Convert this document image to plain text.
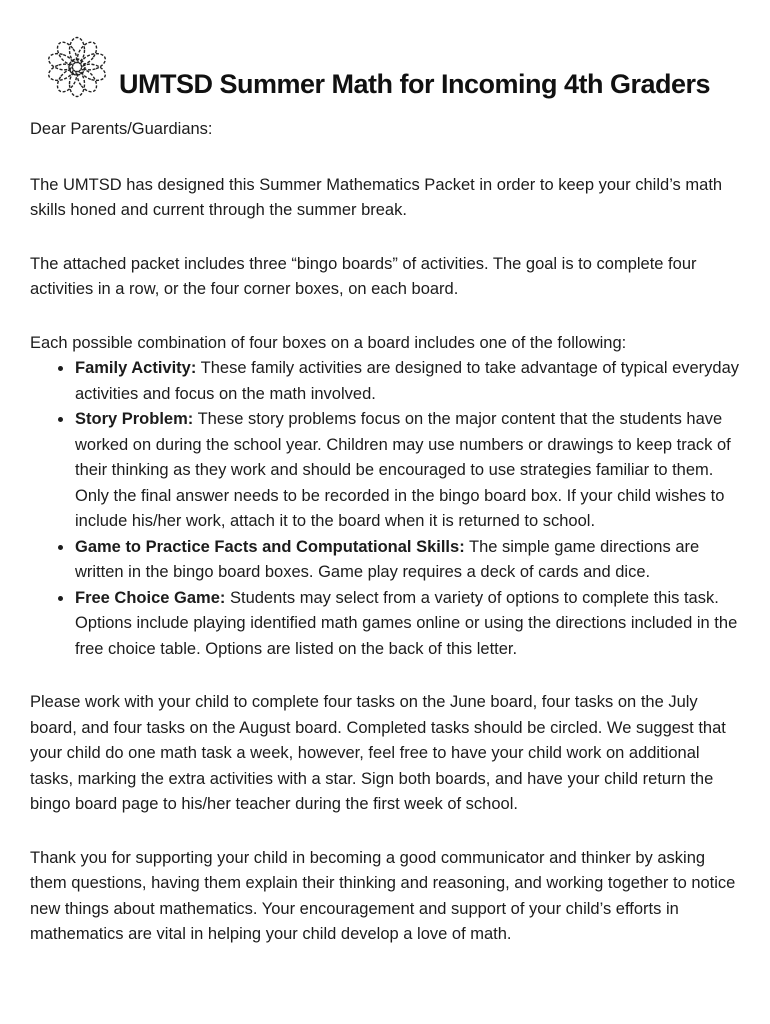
UMTSD Summer Math for Incoming 4th Graders

Dear Parents/Guardians:

The UMTSD has designed this Summer Mathematics Packet in order to keep your child’s math skills honed and current through the summer break.

The attached packet includes three “bingo boards” of activities. The goal is to complete four activities in a row, or the four corner boxes, on each board.

Each possible combination of four boxes on a board includes one of the following:

• Family Activity: These family activities are designed to take advantage of typical everyday activities and focus on the math involved.
• Story Problem: These story problems focus on the major content that the students have worked on during the school year. Children may use numbers or drawings to keep track of their thinking as they work and should be encouraged to use strategies familiar to them. Only the final answer needs to be recorded in the bingo board box. If your child wishes to include his/her work, attach it to the board when it is returned to school.
• Game to Practice Facts and Computational Skills: The simple game directions are written in the bingo board boxes. Game play requires a deck of cards and dice.
• Free Choice Game: Students may select from a variety of options to complete this task. Options include playing identified math games online or using the directions included in the free choice table. Options are listed on the back of this letter.

Please work with your child to complete four tasks on the June board, four tasks on the July board, and four tasks on the August board. Completed tasks should be circled. We suggest that your child do one math task a week, however, feel free to have your child work on additional tasks, marking the extra activities with a star. Sign both boards, and have your child return the bingo board page to his/her teacher during the first week of school.

Thank you for supporting your child in becoming a good communicator and thinker by asking them questions, having them explain their thinking and reasoning, and working together to notice new things about mathematics. Your encouragement and support of your child’s efforts in mathematics are vital in helping your child develop a love of math.
